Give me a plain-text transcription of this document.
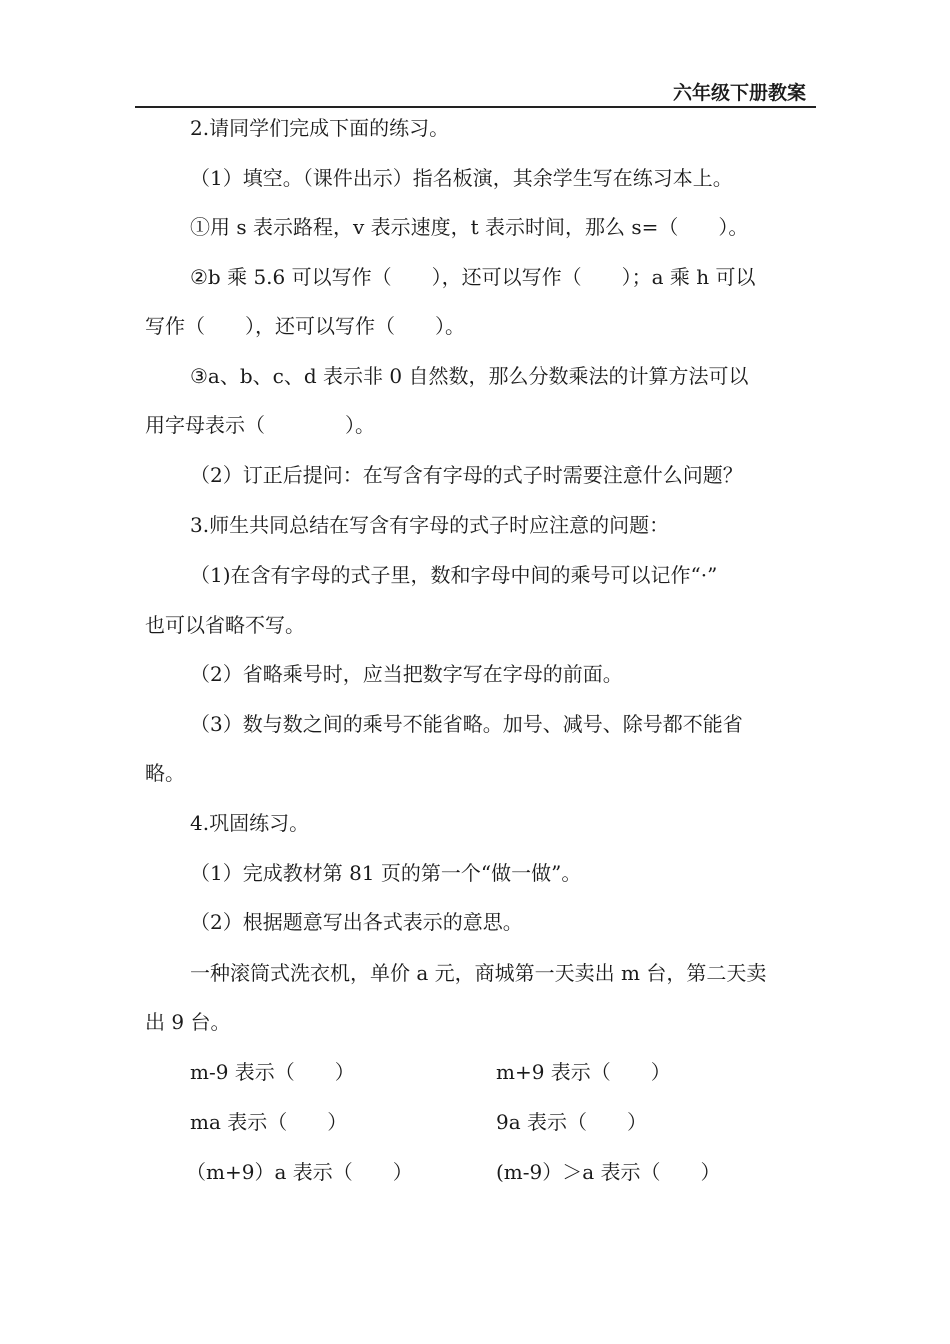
六年级下册教案
2.请同学们完成下面的练习。
（1）填空。（课件出示）指名板演，其余学生写在练习本上。
①用 s 表示路程，v 表示速度，t 表示时间，那么 s=（　　）。
②b 乘 5.6 可以写作（　　），还可以写作（　　）；a 乘 h 可以
写作（　　），还可以写作（　　）。
③a、b、c、d 表示非 0 自然数，那么分数乘法的计算方法可以
用字母表示（　　　　）。
（2）订正后提问：在写含有字母的式子时需要注意什么问题？
3.师生共同总结在写含有字母的式子时应注意的问题：
（1)在含有字母的式子里，数和字母中间的乘号可以记作“·”
也可以省略不写。
（2）省略乘号时，应当把数字写在字母的前面。
（3）数与数之间的乘号不能省略。加号、减号、除号都不能省
略。
4.巩固练习。
（1）完成教材第 81 页的第一个“做一做”。
（2）根据题意写出各式表示的意思。
一种滚筒式洗衣机，单价 a 元，商城第一天卖出 m 台，第二天卖
出 9 台。
m-9 表示（　　）	m+9 表示（　　）
ma 表示（　　）	9a 表示（　　）
（m+9）a 表示（　　）	(m-9）＞a 表示（　　）
